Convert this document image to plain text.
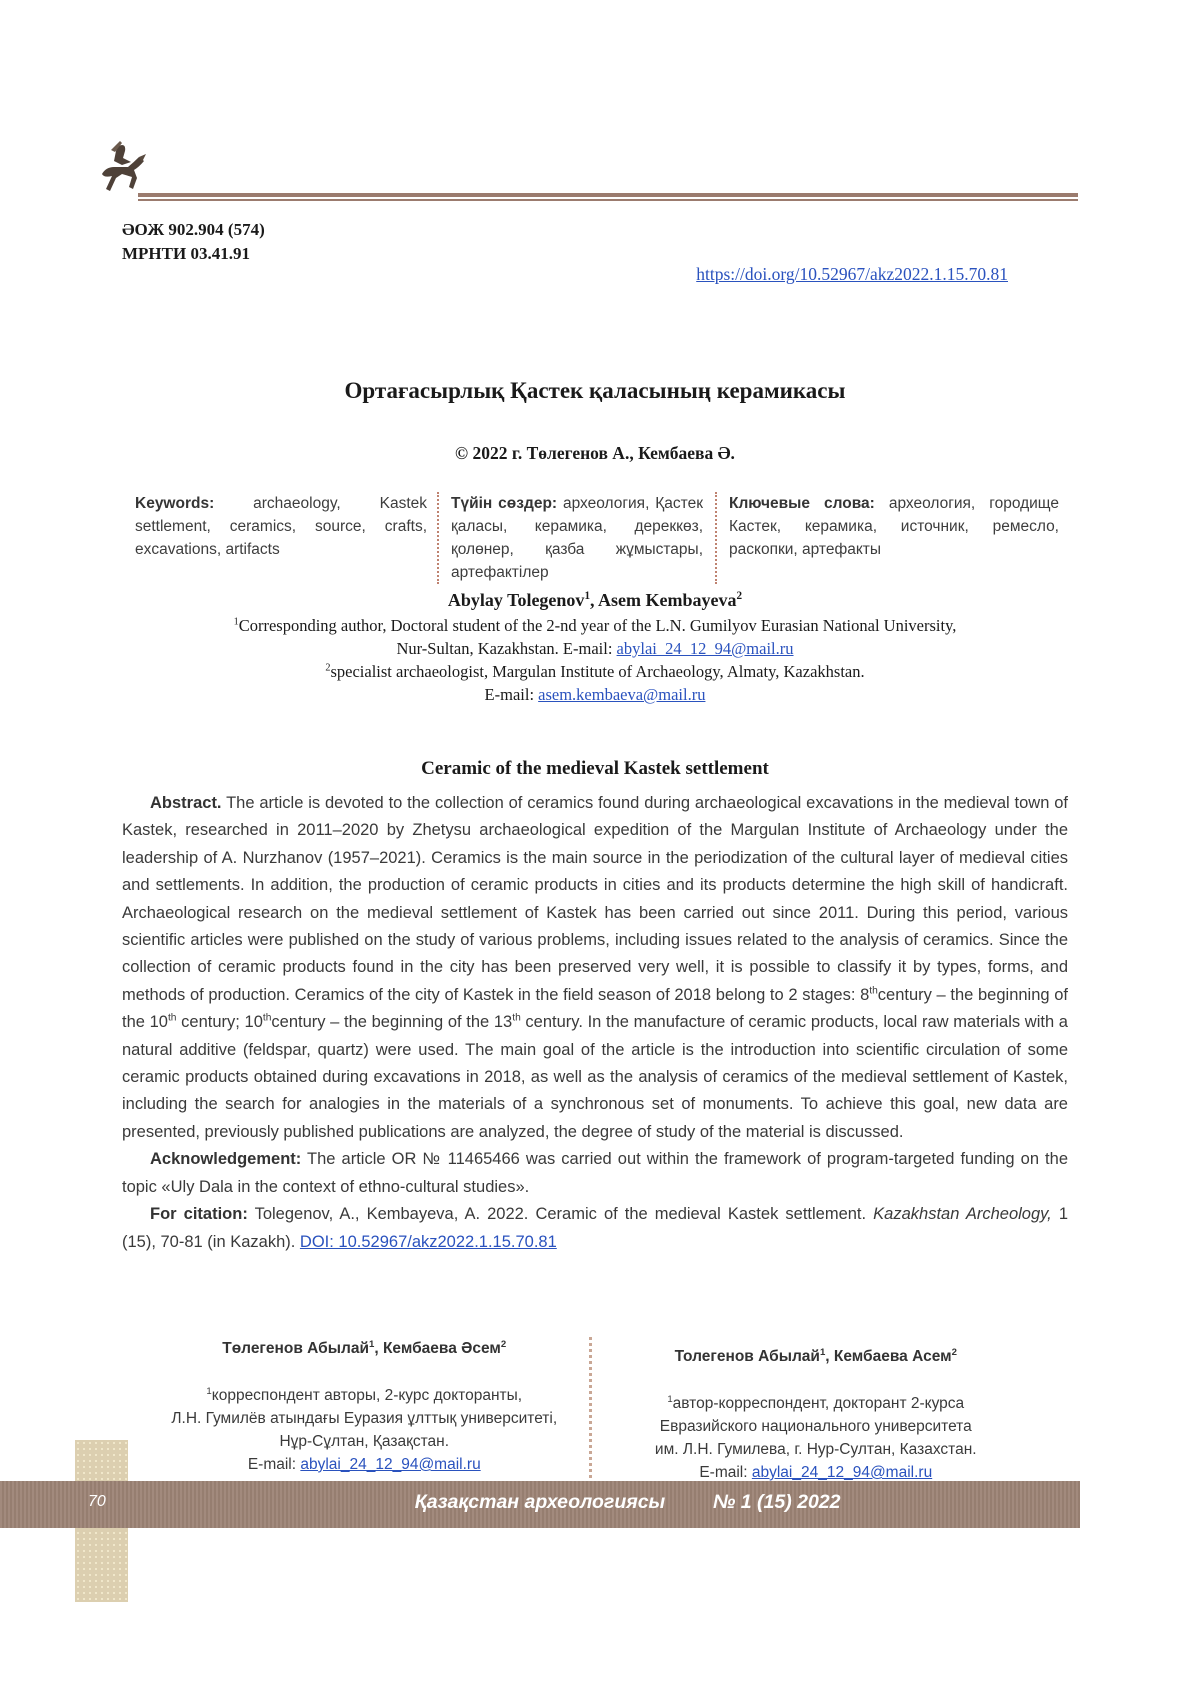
ӘОЖ 902.904 (574)
МРНТИ 03.41.91
https://doi.org/10.52967/akz2022.1.15.70.81
Ортағасырлық Қастек қаласының керамикасы
© 2022 г. Төлегенов А., Кембаева Ә.
Keywords: archaeology, Kastek settlement, ceramics, source, crafts, excavations, artifacts
Түйін сөздер: археология, Қастек қаласы, керамика, дереккөз, қолөнер, қазба жұмыстары, артефактілер
Ключевые слова: археология, городище Кастек, керамика, источник, ремесло, раскопки, артефакты
Abylay Tolegenov$^1$, Asem Kembayeva$^2$
$^1$Corresponding author, Doctoral student of the 2-nd year of the L.N. Gumilyov Eurasian National University,
Nur-Sultan, Kazakhstan. E-mail: abylai_24_12_94@mail.ru
$^2$specialist archaeologist, Margulan Institute of Archaeology, Almaty, Kazakhstan.
E-mail: asem.kembaeva@mail.ru
Ceramic of the medieval Kastek settlement

Abstract. The article is devoted to the collection of ceramics found during archaeological excavations in the medieval town of Kastek, researched in 2011–2020 by Zhetysu archaeological expedition of the Margulan Institute of Archaeology under the leadership of A. Nurzhanov (1957–2021). Ceramics is the main source in the periodization of the cultural layer of medieval cities and settlements. In addition, the production of ceramic products in cities and its products determine the high skill of handicraft. Archaeological research on the medieval settlement of Kastek has been carried out since 2011. During this period, various scientific articles were published on the study of various problems, including issues related to the analysis of ceramics. Since the collection of ceramic products found in the city has been preserved very well, it is possible to classify it by types, forms, and methods of production. Ceramics of the city of Kastek in the field season of 2018 belong to 2 stages: 8thcentury – the beginning of the 10th century; 10thcentury – the beginning of the 13th century. In the manufacture of ceramic products, local raw materials with a natural additive (feldspar, quartz) were used. The main goal of the article is the introduction into scientific circulation of some ceramic products obtained during excavations in 2018, as well as the analysis of ceramics of the medieval settlement of Kastek, including the search for analogies in the materials of a synchronous set of monuments. To achieve this goal, new data are presented, previously published publications are analyzed, the degree of study of the material is discussed.

Acknowledgement: The article OR № 11465466 was carried out within the framework of program-targeted funding on the topic «Uly Dala in the context of ethno-cultural studies».

For citation: Tolegenov, A., Kembayeva, A. 2022. Ceramic of the medieval Kastek settlement. Kazakhstan Archeology, 1 (15), 70-81 (in Kazakh). DOI: 10.52967/akz2022.1.15.70.81

Төлегенов Абылай$^1$, Кембаева Әсем$^2$
$^1$корреспондент авторы, 2-курс докторанты,
Л.Н. Гумилёв атындағы Еуразия ұлттық университеті,
Нұр-Сұлтан, Қазақстан.
E-mail: abylai_24_12_94@mail.ru
Толегенов Абылай$^1$, Кембаева Асем$^2$
$^1$автор-корреспондент, докторант 2-курса
Евразийского национального университета
им. Л.Н. Гумилева, г. Нур-Султан, Казахстан.
E-mail: abylai_24_12_94@mail.ru
70	Қазақстан археологиясы	№ 1 (15) 2022
